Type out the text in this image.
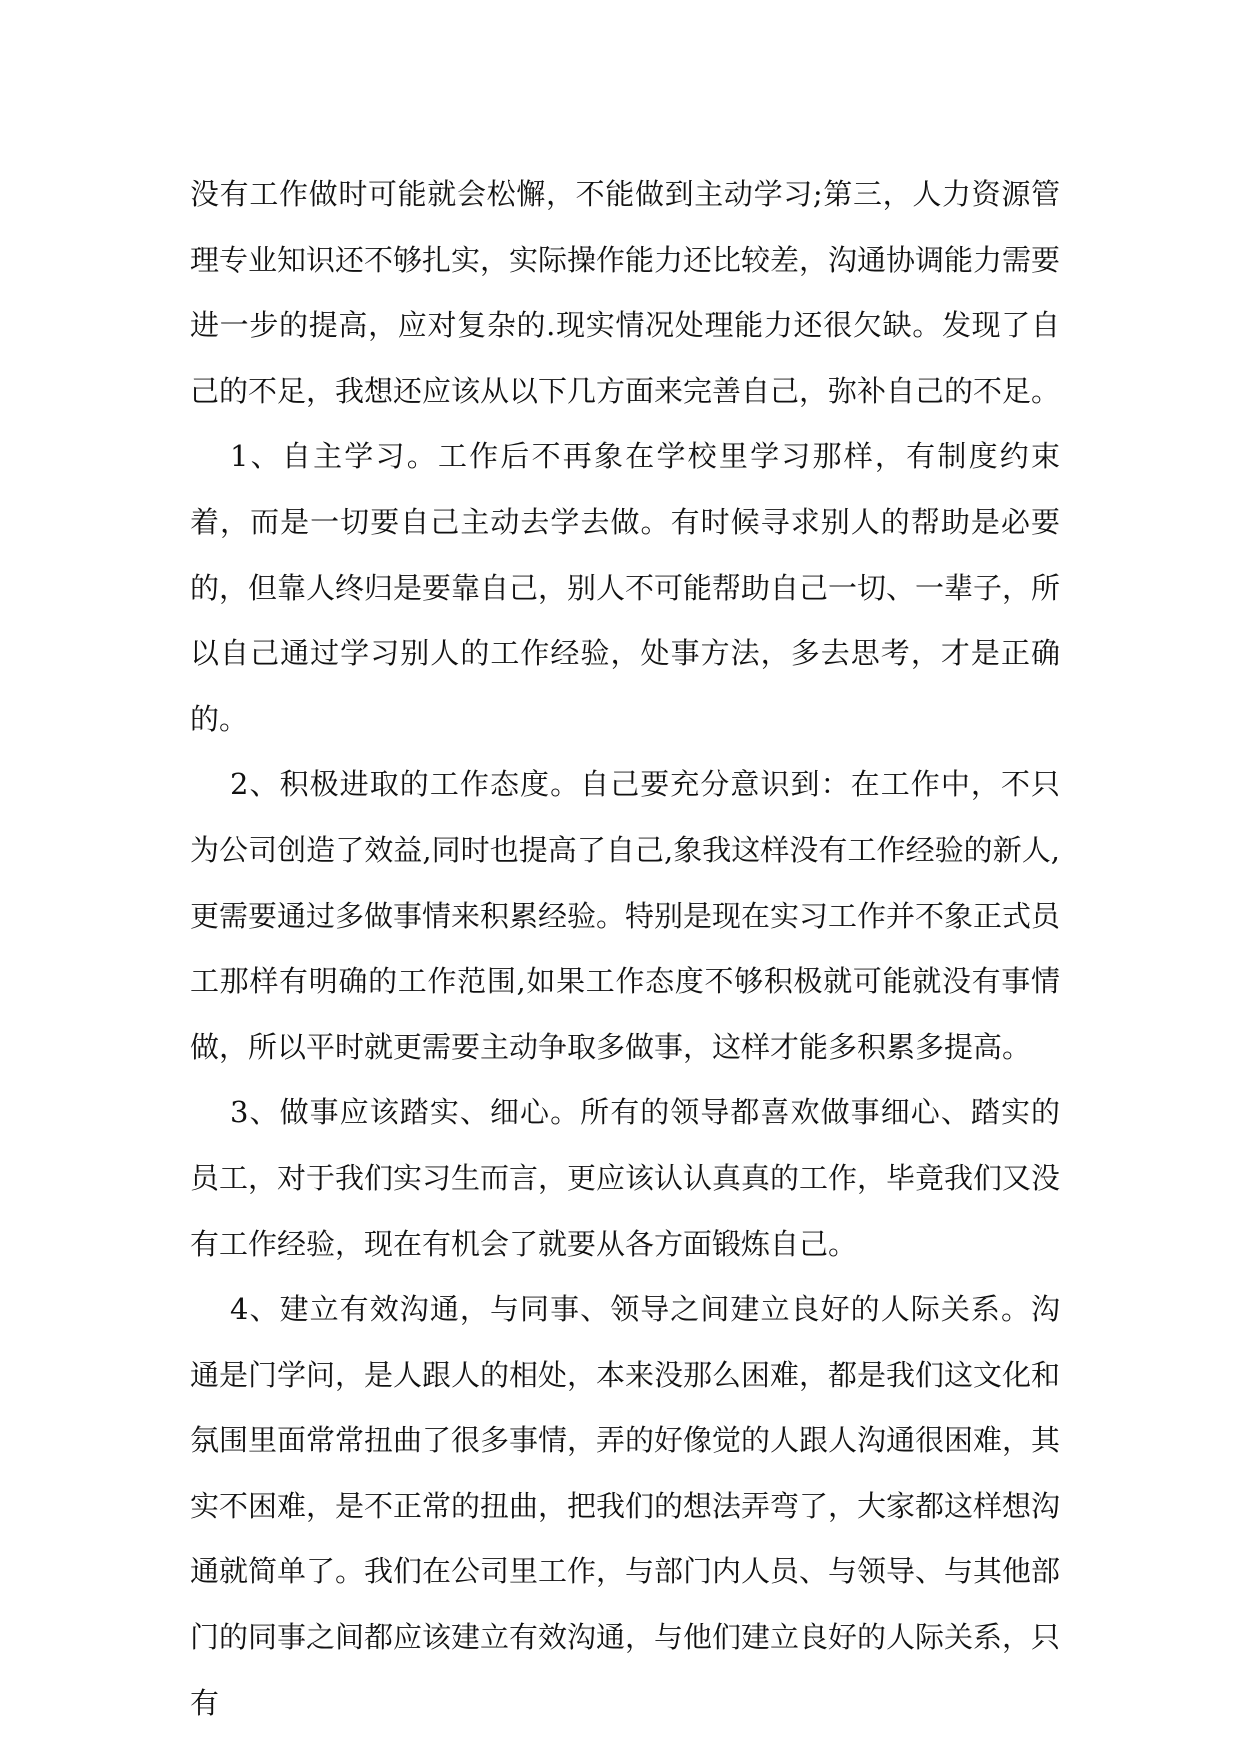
没有工作做时可能就会松懈，不能做到主动学习;第三，人力资源管理专业知识还不够扎实，实际操作能力还比较差，沟通协调能力需要进一步的提高，应对复杂的.现实情况处理能力还很欠缺。发现了自己的不足，我想还应该从以下几方面来完善自己，弥补自己的不足。

1、自主学习。工作后不再象在学校里学习那样，有制度约束着，而是一切要自己主动去学去做。有时候寻求别人的帮助是必要的，但靠人终归是要靠自己，别人不可能帮助自己一切、一辈子，所以自己通过学习别人的工作经验，处事方法，多去思考，才是正确的。

2、积极进取的工作态度。自己要充分意识到：在工作中，不只为公司创造了效益,同时也提高了自己,象我这样没有工作经验的新人,更需要通过多做事情来积累经验。特别是现在实习工作并不象正式员工那样有明确的工作范围,如果工作态度不够积极就可能就没有事情做，所以平时就更需要主动争取多做事，这样才能多积累多提高。

3、做事应该踏实、细心。所有的领导都喜欢做事细心、踏实的员工，对于我们实习生而言，更应该认认真真的工作，毕竟我们又没有工作经验，现在有机会了就要从各方面锻炼自己。

4、建立有效沟通，与同事、领导之间建立良好的人际关系。沟通是门学问，是人跟人的相处，本来没那么困难，都是我们这文化和氛围里面常常扭曲了很多事情，弄的好像觉的人跟人沟通很困难，其实不困难，是不正常的扭曲，把我们的想法弄弯了，大家都这样想沟通就简单了。我们在公司里工作，与部门内人员、与领导、与其他部门的同事之间都应该建立有效沟通，与他们建立良好的人际关系，只有
